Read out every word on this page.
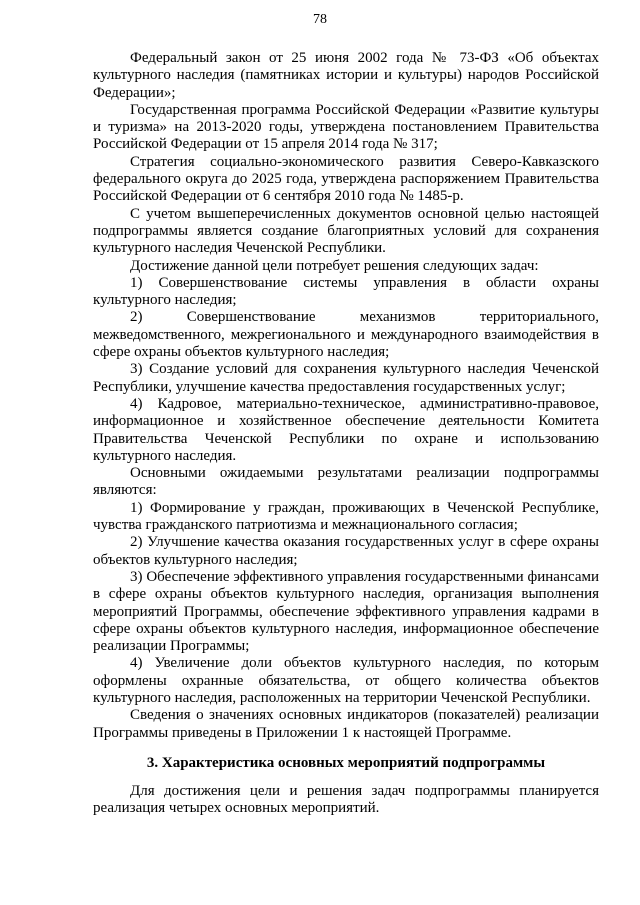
78

Федеральный закон от 25 июня 2002 года № 73-ФЗ «Об объектах культурного наследия (памятниках истории и культуры) народов Российской Федерации»;

Государственная программа Российской Федерации «Развитие культуры и туризма» на 2013-2020 годы, утверждена постановлением Правительства Российской Федерации от 15 апреля 2014 года № 317;

Стратегия социально-экономического развития Северо-Кавказского федерального округа до 2025 года, утверждена распоряжением Правительства Российской Федерации от 6 сентября 2010 года № 1485-р.

С учетом вышеперечисленных документов основной целью настоящей подпрограммы является создание благоприятных условий для сохранения культурного наследия Чеченской Республики.

Достижение данной цели потребует решения следующих задач:

1) Совершенствование системы управления в области охраны культурного наследия;

2) Совершенствование механизмов территориального, межведомственного, межрегионального и международного взаимодействия в сфере охраны объектов культурного наследия;

3) Создание условий для сохранения культурного наследия Чеченской Республики, улучшение качества предоставления государственных услуг;

4) Кадровое, материально-техническое, административно-правовое, информационное и хозяйственное обеспечение деятельности Комитета Правительства Чеченской Республики по охране и использованию культурного наследия.

Основными ожидаемыми результатами реализации подпрограммы являются:

1) Формирование у граждан, проживающих в Чеченской Республике, чувства гражданского патриотизма и межнационального согласия;

2) Улучшение качества оказания государственных услуг в сфере охраны объектов культурного наследия;

3) Обеспечение эффективного управления государственными финансами в сфере охраны объектов культурного наследия, организация выполнения мероприятий Программы, обеспечение эффективного управления кадрами в сфере охраны объектов культурного наследия, информационное обеспечение реализации Программы;

4) Увеличение доли объектов культурного наследия, по которым оформлены охранные обязательства, от общего количества объектов культурного наследия, расположенных на территории Чеченской Республики.

Сведения о значениях основных индикаторов (показателей) реализации Программы приведены в Приложении 1 к настоящей Программе.

3. Характеристика основных мероприятий подпрограммы

Для достижения цели и решения задач подпрограммы планируется реализация четырех основных мероприятий.
